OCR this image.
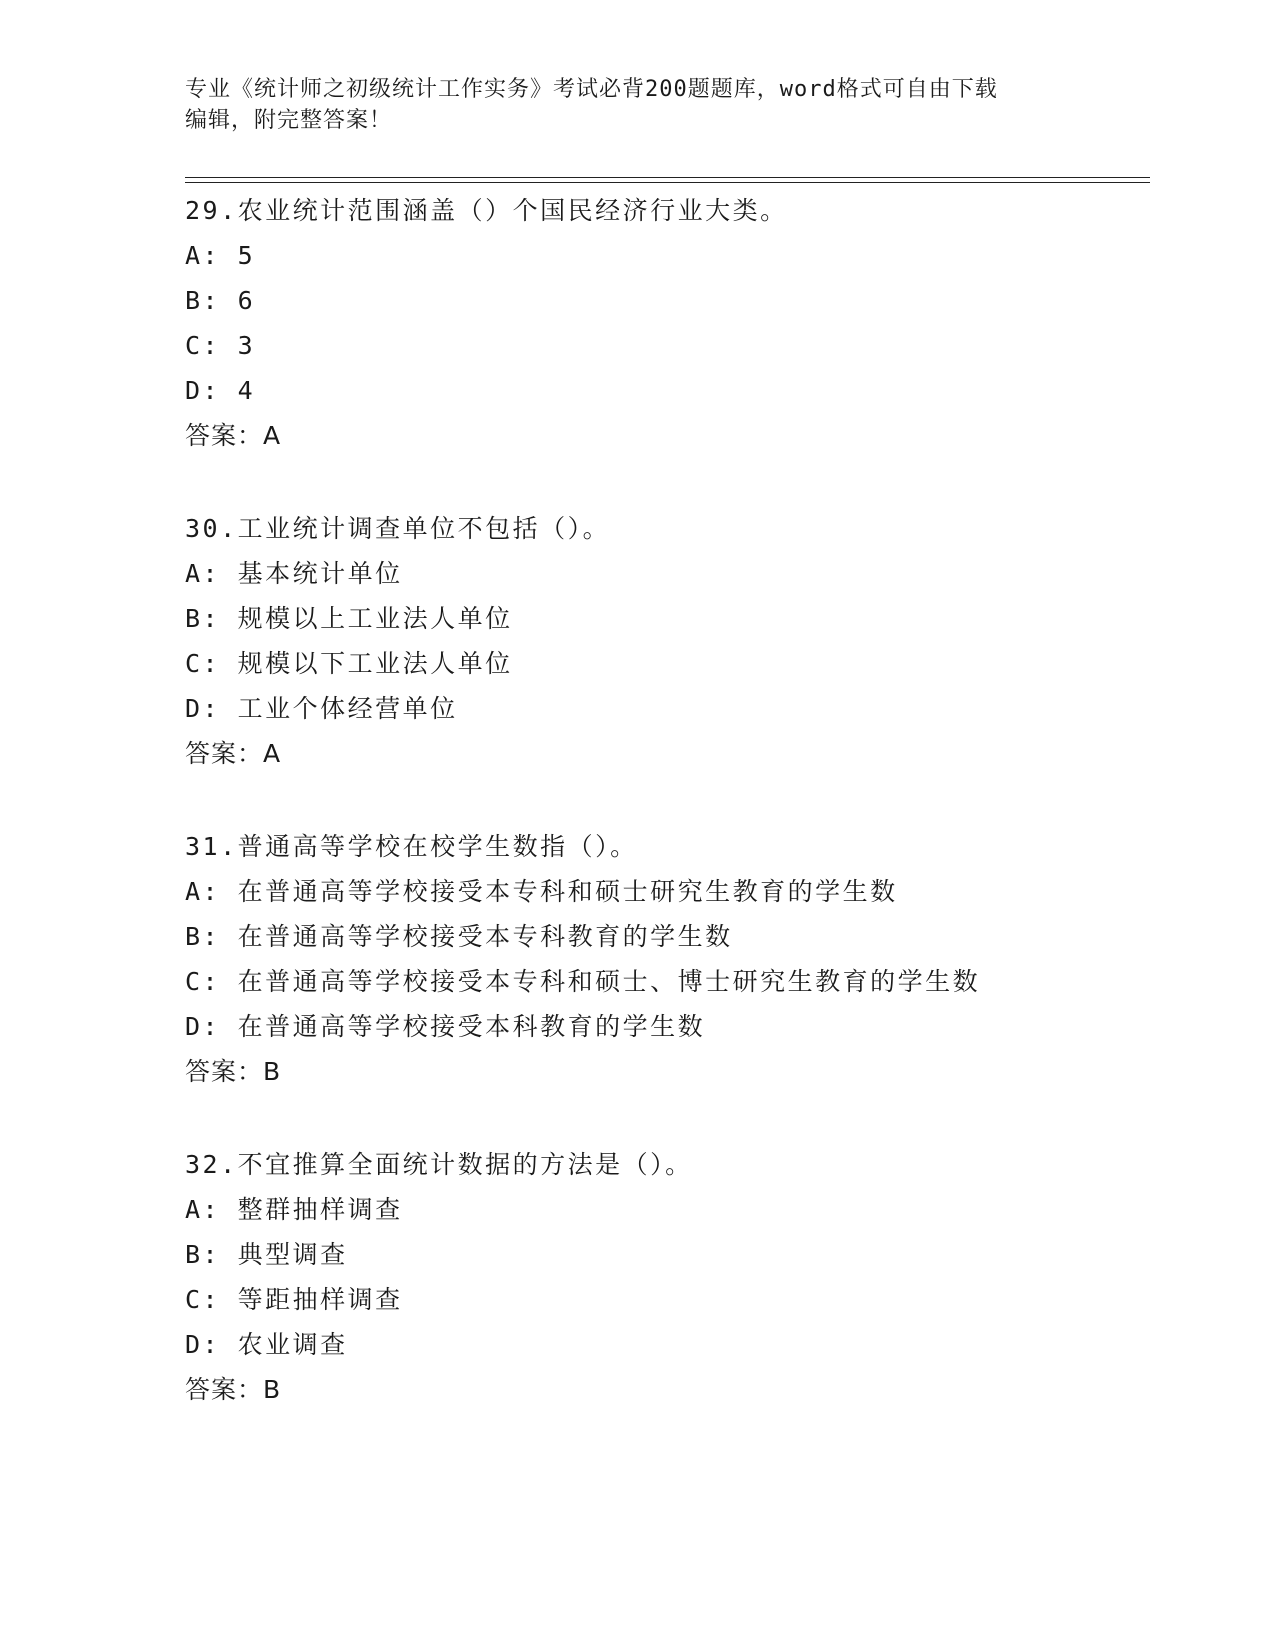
专业《统计师之初级统计工作实务》考试必背200题题库，word格式可自由下载
编辑，附完整答案！
29.农业统计范围涵盖（）个国民经济行业大类。
A: 5
B: 6
C: 3
D: 4
答案：A
30.工业统计调查单位不包括（）。
A: 基本统计单位
B: 规模以上工业法人单位
C: 规模以下工业法人单位
D: 工业个体经营单位
答案：A
31.普通高等学校在校学生数指（）。
A: 在普通高等学校接受本专科和硕士研究生教育的学生数
B: 在普通高等学校接受本专科教育的学生数
C: 在普通高等学校接受本专科和硕士、博士研究生教育的学生数
D: 在普通高等学校接受本科教育的学生数
答案：B
32.不宜推算全面统计数据的方法是（）。
A: 整群抽样调查
B: 典型调查
C: 等距抽样调查
D: 农业调查
答案：B
